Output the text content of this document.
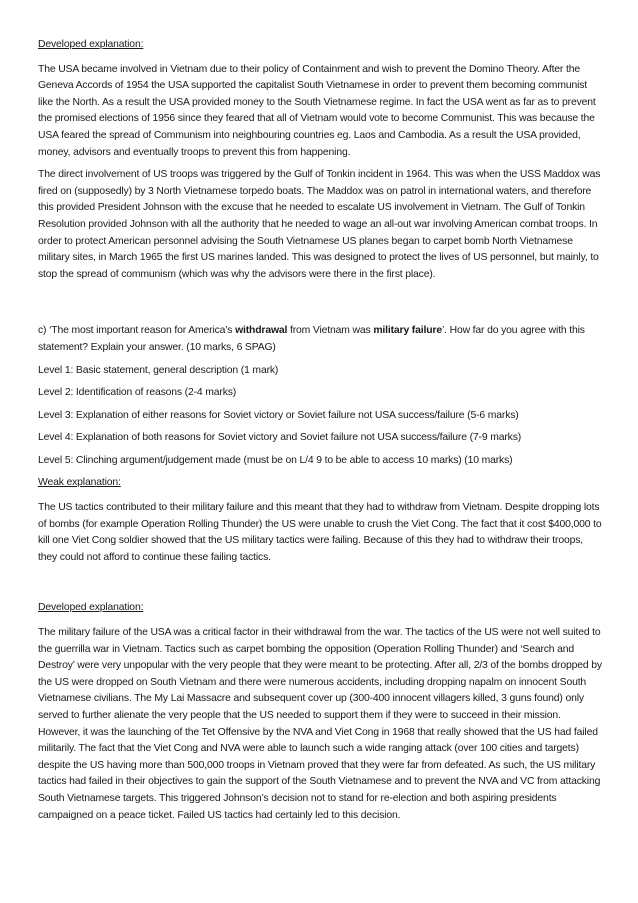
Developed explanation:
The USA became involved in Vietnam due to their policy of Containment and wish to prevent the Domino Theory. After the Geneva Accords of 1954 the USA supported the capitalist South Vietnamese in order to prevent them becoming communist like the North. As a result the USA provided money to the South Vietnamese regime. In fact the USA went as far as to prevent the promised elections of 1956 since they feared that all of Vietnam would vote to become Communist. This was because the USA feared the spread of Communism into neighbouring countries eg. Laos and Cambodia. As a result the USA provided, money, advisors and eventually troops to prevent this from happening.
The direct involvement of US troops was triggered by the Gulf of Tonkin incident in 1964. This was when the USS Maddox was fired on (supposedly) by 3 North Vietnamese torpedo boats. The Maddox was on patrol in international waters, and therefore this provided President Johnson with the excuse that he needed to escalate US involvement in Vietnam. The Gulf of Tonkin Resolution provided Johnson with all the authority that he needed to wage an all-out war involving American combat troops. In order to protect American personnel advising the South Vietnamese US planes began to carpet bomb North Vietnamese military sites, in March 1965 the first US marines landed. This was designed to protect the lives of US personnel, but mainly, to stop the spread of communism (which was why the advisors were there in the first place).
c) ‘The most important reason for America’s withdrawal from Vietnam was military failure’. How far do you agree with this statement? Explain your answer. (10 marks, 6 SPAG)
Level 1: Basic statement, general description (1 mark)
Level 2: Identification of reasons (2-4 marks)
Level 3: Explanation of either reasons for Soviet victory or Soviet failure not USA success/failure (5-6 marks)
Level 4: Explanation of both reasons for Soviet victory and Soviet failure not USA success/failure (7-9 marks)
Level 5: Clinching argument/judgement made (must be on L/4 9 to be able to access 10 marks) (10 marks)
Weak explanation:
The US tactics contributed to their military failure and this meant that they had to withdraw from Vietnam. Despite dropping lots of bombs (for example Operation Rolling Thunder) the US were unable to crush the Viet Cong. The fact that it cost $400,000 to kill one Viet Cong soldier showed that the US military tactics were failing. Because of this they had to withdraw their troops, they could not afford to continue these failing tactics.
Developed explanation:
The military failure of the USA was a critical factor in their withdrawal from the war. The tactics of the US were not well suited to the guerrilla war in Vietnam. Tactics such as carpet bombing the opposition (Operation Rolling Thunder) and ‘Search and Destroy’ were very unpopular with the very people that they were meant to be protecting. After all, 2/3 of the bombs dropped by the US were dropped on South Vietnam and there were numerous accidents, including dropping napalm on innocent South Vietnamese civilians. The My Lai Massacre and subsequent cover up (300-400 innocent villagers killed, 3 guns found) only served to further alienate the very people that the US needed to support them if they were to succeed in their mission. However, it was the launching of the Tet Offensive by the NVA and Viet Cong in 1968 that really showed that the US had failed militarily. The fact that the Viet Cong and NVA were able to launch such a wide ranging attack (over 100 cities and targets) despite the US having more than 500,000 troops in Vietnam proved that they were far from defeated. As such, the US military tactics had failed in their objectives to gain the support of the South Vietnamese and to prevent the NVA and VC from attacking South Vietnamese targets. This triggered Johnson’s decision not to stand for re-election and both aspiring presidents campaigned on a peace ticket. Failed US tactics had certainly led to this decision.
